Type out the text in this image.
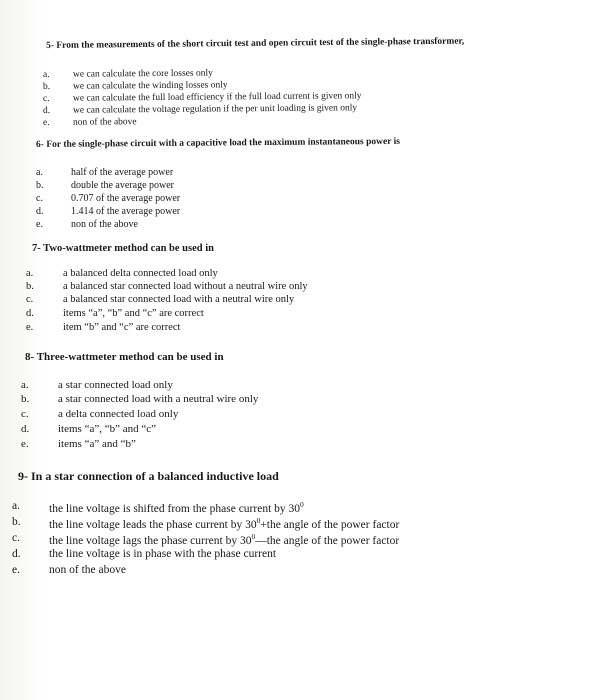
5- From the measurements of the short circuit test and open circuit test of the single-phase transformer,
a. we can calculate the core losses only
b. we can calculate the winding losses only
c. we can calculate the full load efficiency if the full load current is given only
d. we can calculate the voltage regulation if the per unit loading is given only
e. non of the above
6- For the single-phase circuit with a capacitive load the maximum instantaneous power is
a.	half of the average power
b.	double the average power
c.	0.707 of the average power
d.	1.414 of the average power
e.	non of the above
7- Two-wattmeter method can be used in
a.	a balanced delta connected load only
b.	a balanced star connected load without a neutral wire only
c.	a balanced star connected load with a neutral wire only
d.	items “a”, “b” and “c” are correct
e.	item “b” and “c” are correct
8- Three-wattmeter method can be used in
a.	a star connected load only
b.	a star connected load with a neutral wire only
c.	a delta connected load only
d.	items “a”, “b” and “c”
e.	items “a” and “b”
9- In a star connection of a balanced inductive load
a.	the line voltage is shifted from the phase current by $30^0$
b. the line voltage leads the phase current by $30^0+the$ angle of the power factor
c.	the line voltage lags the phase current by $30^0—the$ angle of the power factor
d. the line voltage is in phase with the phase current
e.	non of the above
